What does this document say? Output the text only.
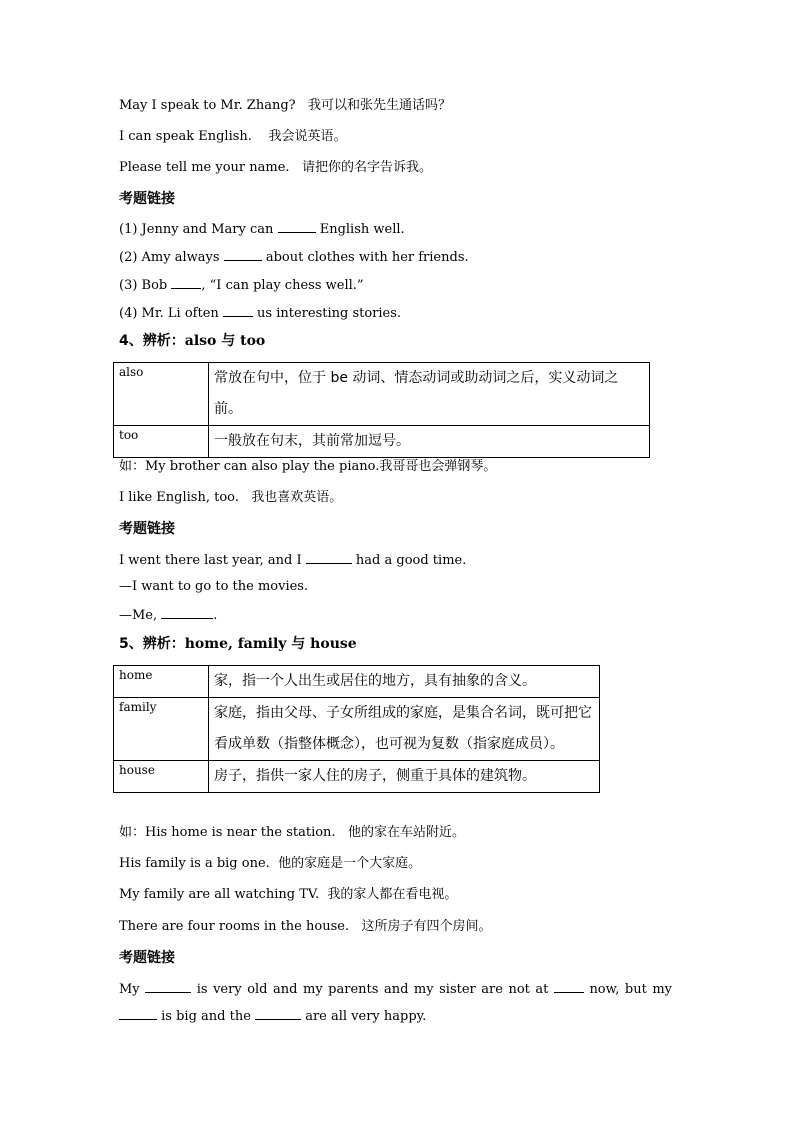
May I speak to Mr. Zhang? 我可以和张先生通话吗？
I can speak English. 我会说英语。
Please tell me your name. 请把你的名字告诉我。
考题链接
(1) Jenny and Mary can	English well.
(2) Amy always	about clothes with her friends.
(3) Bob	, “I can play chess well.”
(4) Mr. Li often	us interesting stories.
4、辨析：also 与 too
also	常放在句中，位于 be 动词、情态动词或助动词之后，实义动词之前。
too	一般放在句末，其前常加逗号。
如：My brother can also play the piano.我哥哥也会弹钢琴。
I like English, too. 我也喜欢英语。
考题链接
I went there last year, and I	had a good time.
—I want to go to the movies.
—Me,	.
5、辨析：home, family 与 house
home	家，指一个人出生或居住的地方，具有抽象的含义。
family	家庭，指由父母、子女所组成的家庭，是集合名词，既可把它看成单数（指整体概念），也可视为复数（指家庭成员）。
house	房子，指供一家人住的房子，侧重于具体的建筑物。
如：His home is near the station. 他的家在车站附近。
His family is a big one. 他的家庭是一个大家庭。
My family are all watching TV. 我的家人都在看电视。
There are four rooms in the house. 这所房子有四个房间。
考题链接
My	is very old and my parents and my sister are not at	now, but my  is big and the	are all very happy.
